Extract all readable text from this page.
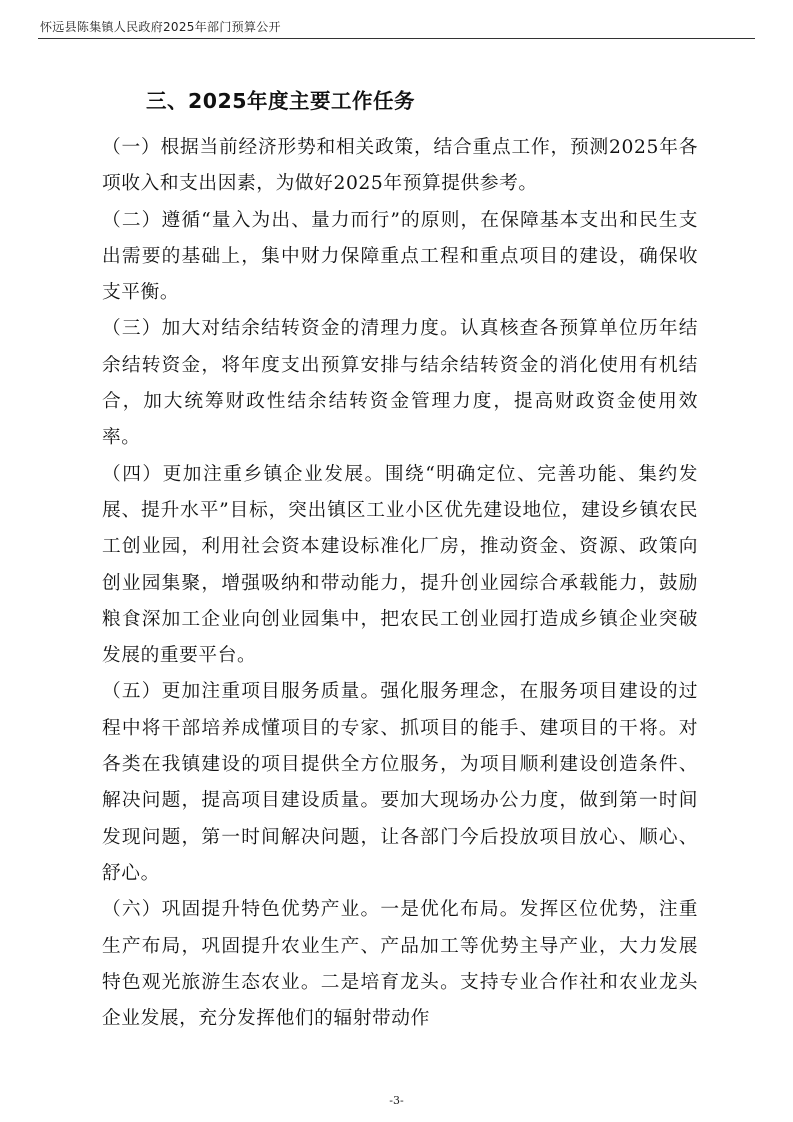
怀远县陈集镇人民政府2025年部门预算公开
三、2025年度主要工作任务

（一）根据当前经济形势和相关政策，结合重点工作，预测2025年各项收入和支出因素，为做好2025年预算提供参考。

（二）遵循“量入为出、量力而行”的原则，在保障基本支出和民生支出需要的基础上，集中财力保障重点工程和重点项目的建设，确保收支平衡。

（三）加大对结余结转资金的清理力度。认真核查各预算单位历年结余结转资金，将年度支出预算安排与结余结转资金的消化使用有机结合，加大统筹财政性结余结转资金管理力度，提高财政资金使用效率。

（四）更加注重乡镇企业发展。围绕“明确定位、完善功能、集约发展、提升水平”目标，突出镇区工业小区优先建设地位，建设乡镇农民工创业园，利用社会资本建设标准化厂房，推动资金、资源、政策向创业园集聚，增强吸纳和带动能力，提升创业园综合承载能力，鼓励粮食深加工企业向创业园集中，把农民工创业园打造成乡镇企业突破发展的重要平台。

（五）更加注重项目服务质量。强化服务理念，在服务项目建设的过程中将干部培养成懂项目的专家、抓项目的能手、建项目的干将。对各类在我镇建设的项目提供全方位服务，为项目顺利建设创造条件、解决问题，提高项目建设质量。要加大现场办公力度，做到第一时间发现问题，第一时间解决问题，让各部门今后投放项目放心、顺心、舒心。

（六）巩固提升特色优势产业。一是优化布局。发挥区位优势，注重生产布局，巩固提升农业生产、产品加工等优势主导产业，大力发展特色观光旅游生态农业。二是培育龙头。支持专业合作社和农业龙头企业发展，充分发挥他们的辐射带动作

-3-
